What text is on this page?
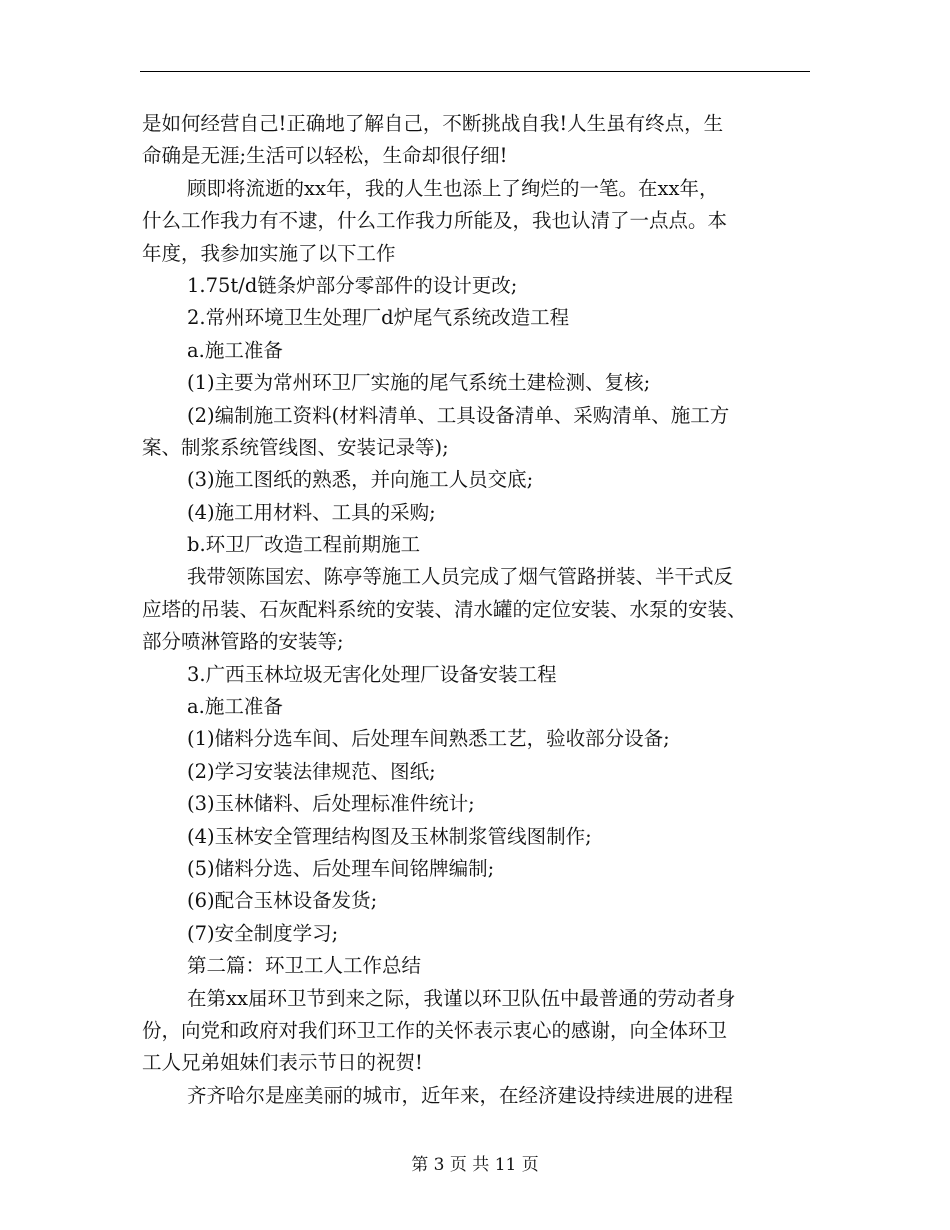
是如何经营自己!正确地了解自己，不断挑战自我!人生虽有终点，生
命确是无涯;生活可以轻松，生命却很仔细!
顾即将流逝的xx年，我的人生也添上了绚烂的一笔。在xx年，
什么工作我力有不逮，什么工作我力所能及，我也认清了一点点。本
年度，我参加实施了以下工作
1.75t/d链条炉部分零部件的设计更改;
2.常州环境卫生处理厂d炉尾气系统改造工程
a.施工准备
(1)主要为常州环卫厂实施的尾气系统土建检测、复核;
(2)编制施工资料(材料清单、工具设备清单、采购清单、施工方
案、制浆系统管线图、安装记录等);
(3)施工图纸的熟悉，并向施工人员交底;
(4)施工用材料、工具的采购;
b.环卫厂改造工程前期施工
我带领陈国宏、陈亭等施工人员完成了烟气管路拼装、半干式反
应塔的吊装、石灰配料系统的安装、清水罐的定位安装、水泵的安装、
部分喷淋管路的安装等;
3.广西玉林垃圾无害化处理厂设备安装工程
a.施工准备
(1)储料分选车间、后处理车间熟悉工艺，验收部分设备;
(2)学习安装法律规范、图纸;
(3)玉林储料、后处理标准件统计;
(4)玉林安全管理结构图及玉林制浆管线图制作;
(5)储料分选、后处理车间铭牌编制;
(6)配合玉林设备发货;
(7)安全制度学习;
第二篇：环卫工人工作总结
在第xx届环卫节到来之际，我谨以环卫队伍中最普通的劳动者身
份，向党和政府对我们环卫工作的关怀表示衷心的感谢，向全体环卫
工人兄弟姐妹们表示节日的祝贺!
齐齐哈尔是座美丽的城市，近年来，在经济建设持续进展的进程
第 3 页 共 11 页
